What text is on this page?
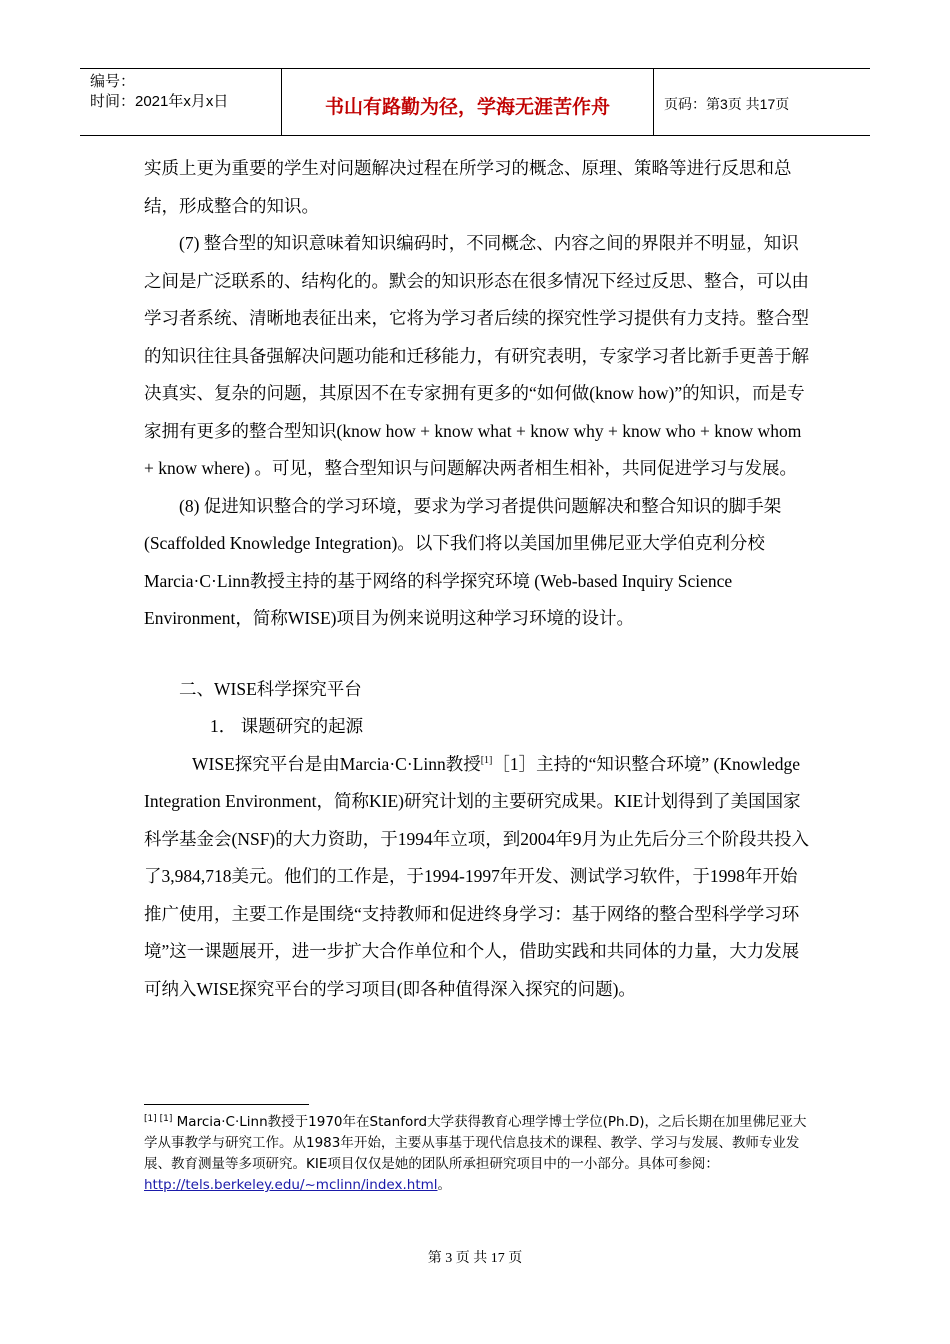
编号：
时间：2021年x月x日	书山有路勤为径，学海无涯苦作舟	页码：第3页 共17页

实质上更为重要的学生对问题解决过程在所学习的概念、原理、策略等进行反思和总结，形成整合的知识。

(7) 整合型的知识意味着知识编码时，不同概念、内容之间的界限并不明显，知识之间是广泛联系的、结构化的。默会的知识形态在很多情况下经过反思、整合，可以由学习者系统、清晰地表征出来，它将为学习者后续的探究性学习提供有力支持。整合型的知识往往具备强解决问题功能和迁移能力，有研究表明，专家学习者比新手更善于解决真实、复杂的问题，其原因不在专家拥有更多的“如何做(know how)”的知识，而是专家拥有更多的整合型知识(know how + know what + know why + know who + know whom + know where) 。可见，整合型知识与问题解决两者相生相补，共同促进学习与发展。

(8) 促进知识整合的学习环境，要求为学习者提供问题解决和整合知识的脚手架(Scaffolded Knowledge Integration)。以下我们将以美国加里佛尼亚大学伯克利分校Marcia·C·Linn教授主持的基于网络的科学探究环境 (Web-based Inquiry Science Environment，简称WISE)项目为例来说明这种学习环境的设计。

二、WISE科学探究平台

1． 课题研究的起源

WISE探究平台是由Marcia·C·Linn教授[1]［1］主持的“知识整合环境” (Knowledge Integration Environment，简称KIE)研究计划的主要研究成果。KIE计划得到了美国国家科学基金会(NSF)的大力资助，于1994年立项，到2004年9月为止先后分三个阶段共投入了3,984,718美元。他们的工作是，于1994-1997年开发、测试学习软件，于1998年开始推广使用，主要工作是围绕“支持教师和促进终身学习：基于网络的整合型科学学习环境”这一课题展开，进一步扩大合作单位和个人，借助实践和共同体的力量，大力发展可纳入WISE探究平台的学习项目(即各种值得深入探究的问题)。

[1] [1] Marcia·C·Linn教授于1970年在Stanford大学获得教育心理学博士学位(Ph.D)，之后长期在加里佛尼亚大学从事教学与研究工作。从1983年开始，主要从事基于现代信息技术的课程、教学、学习与发展、教师专业发展、教育测量等多项研究。KIE项目仅仅是她的团队所承担研究项目中的一小部分。具体可参阅：http://tels.berkeley.edu/~mclinn/index.html。
第 3 页 共 17 页
